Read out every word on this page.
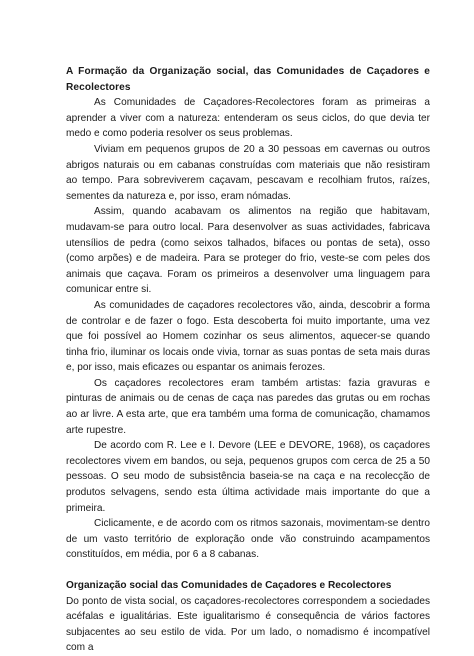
A Formação da Organização social, das Comunidades de Caçadores e Recolectores

As Comunidades de Caçadores-Recolectores foram as primeiras a aprender a viver com a natureza: entenderam os seus ciclos, do que devia ter medo e como poderia resolver os seus problemas.

Viviam em pequenos grupos de 20 a 30 pessoas em cavernas ou outros abrigos naturais ou em cabanas construídas com materiais que não resistiram ao tempo. Para sobreviverem caçavam, pescavam e recolhiam frutos, raízes, sementes da natureza e, por isso, eram nómadas.

Assim, quando acabavam os alimentos na região que habitavam, mudavam-se para outro local. Para desenvolver as suas actividades, fabricava utensílios de pedra (como seixos talhados, bifaces ou pontas de seta), osso (como arpões) e de madeira. Para se proteger do frio, veste-se com peles dos animais que caçava. Foram os primeiros a desenvolver uma linguagem para comunicar entre si.

As comunidades de caçadores recolectores vão, ainda, descobrir a forma de controlar e de fazer o fogo. Esta descoberta foi muito importante, uma vez que foi possível ao Homem cozinhar os seus alimentos, aquecer-se quando tinha frio, iluminar os locais onde vivia, tornar as suas pontas de seta mais duras e, por isso, mais eficazes ou espantar os animais ferozes.

Os caçadores recolectores eram também artistas: fazia gravuras e pinturas de animais ou de cenas de caça nas paredes das grutas ou em rochas ao ar livre. A esta arte, que era também uma forma de comunicação, chamamos arte rupestre.

De acordo com R. Lee e I. Devore (LEE e DEVORE, 1968), os caçadores recolectores vivem em bandos, ou seja, pequenos grupos com cerca de 25 a 50 pessoas. O seu modo de subsistência baseia-se na caça e na recolecção de produtos selvagens, sendo esta última actividade mais importante do que a primeira.

Ciclicamente, e de acordo com os ritmos sazonais, movimentam-se dentro de um vasto território de exploração onde vão construindo acampamentos constituídos, em média, por 6 a 8 cabanas.

Organização social das Comunidades de Caçadores e Recolectores

Do ponto de vista social, os caçadores-recolectores correspondem a sociedades acéfalas e igualitárias. Este igualitarismo é consequência de vários factores subjacentes ao seu estilo de vida. Por um lado, o nomadismo é incompatível com a
